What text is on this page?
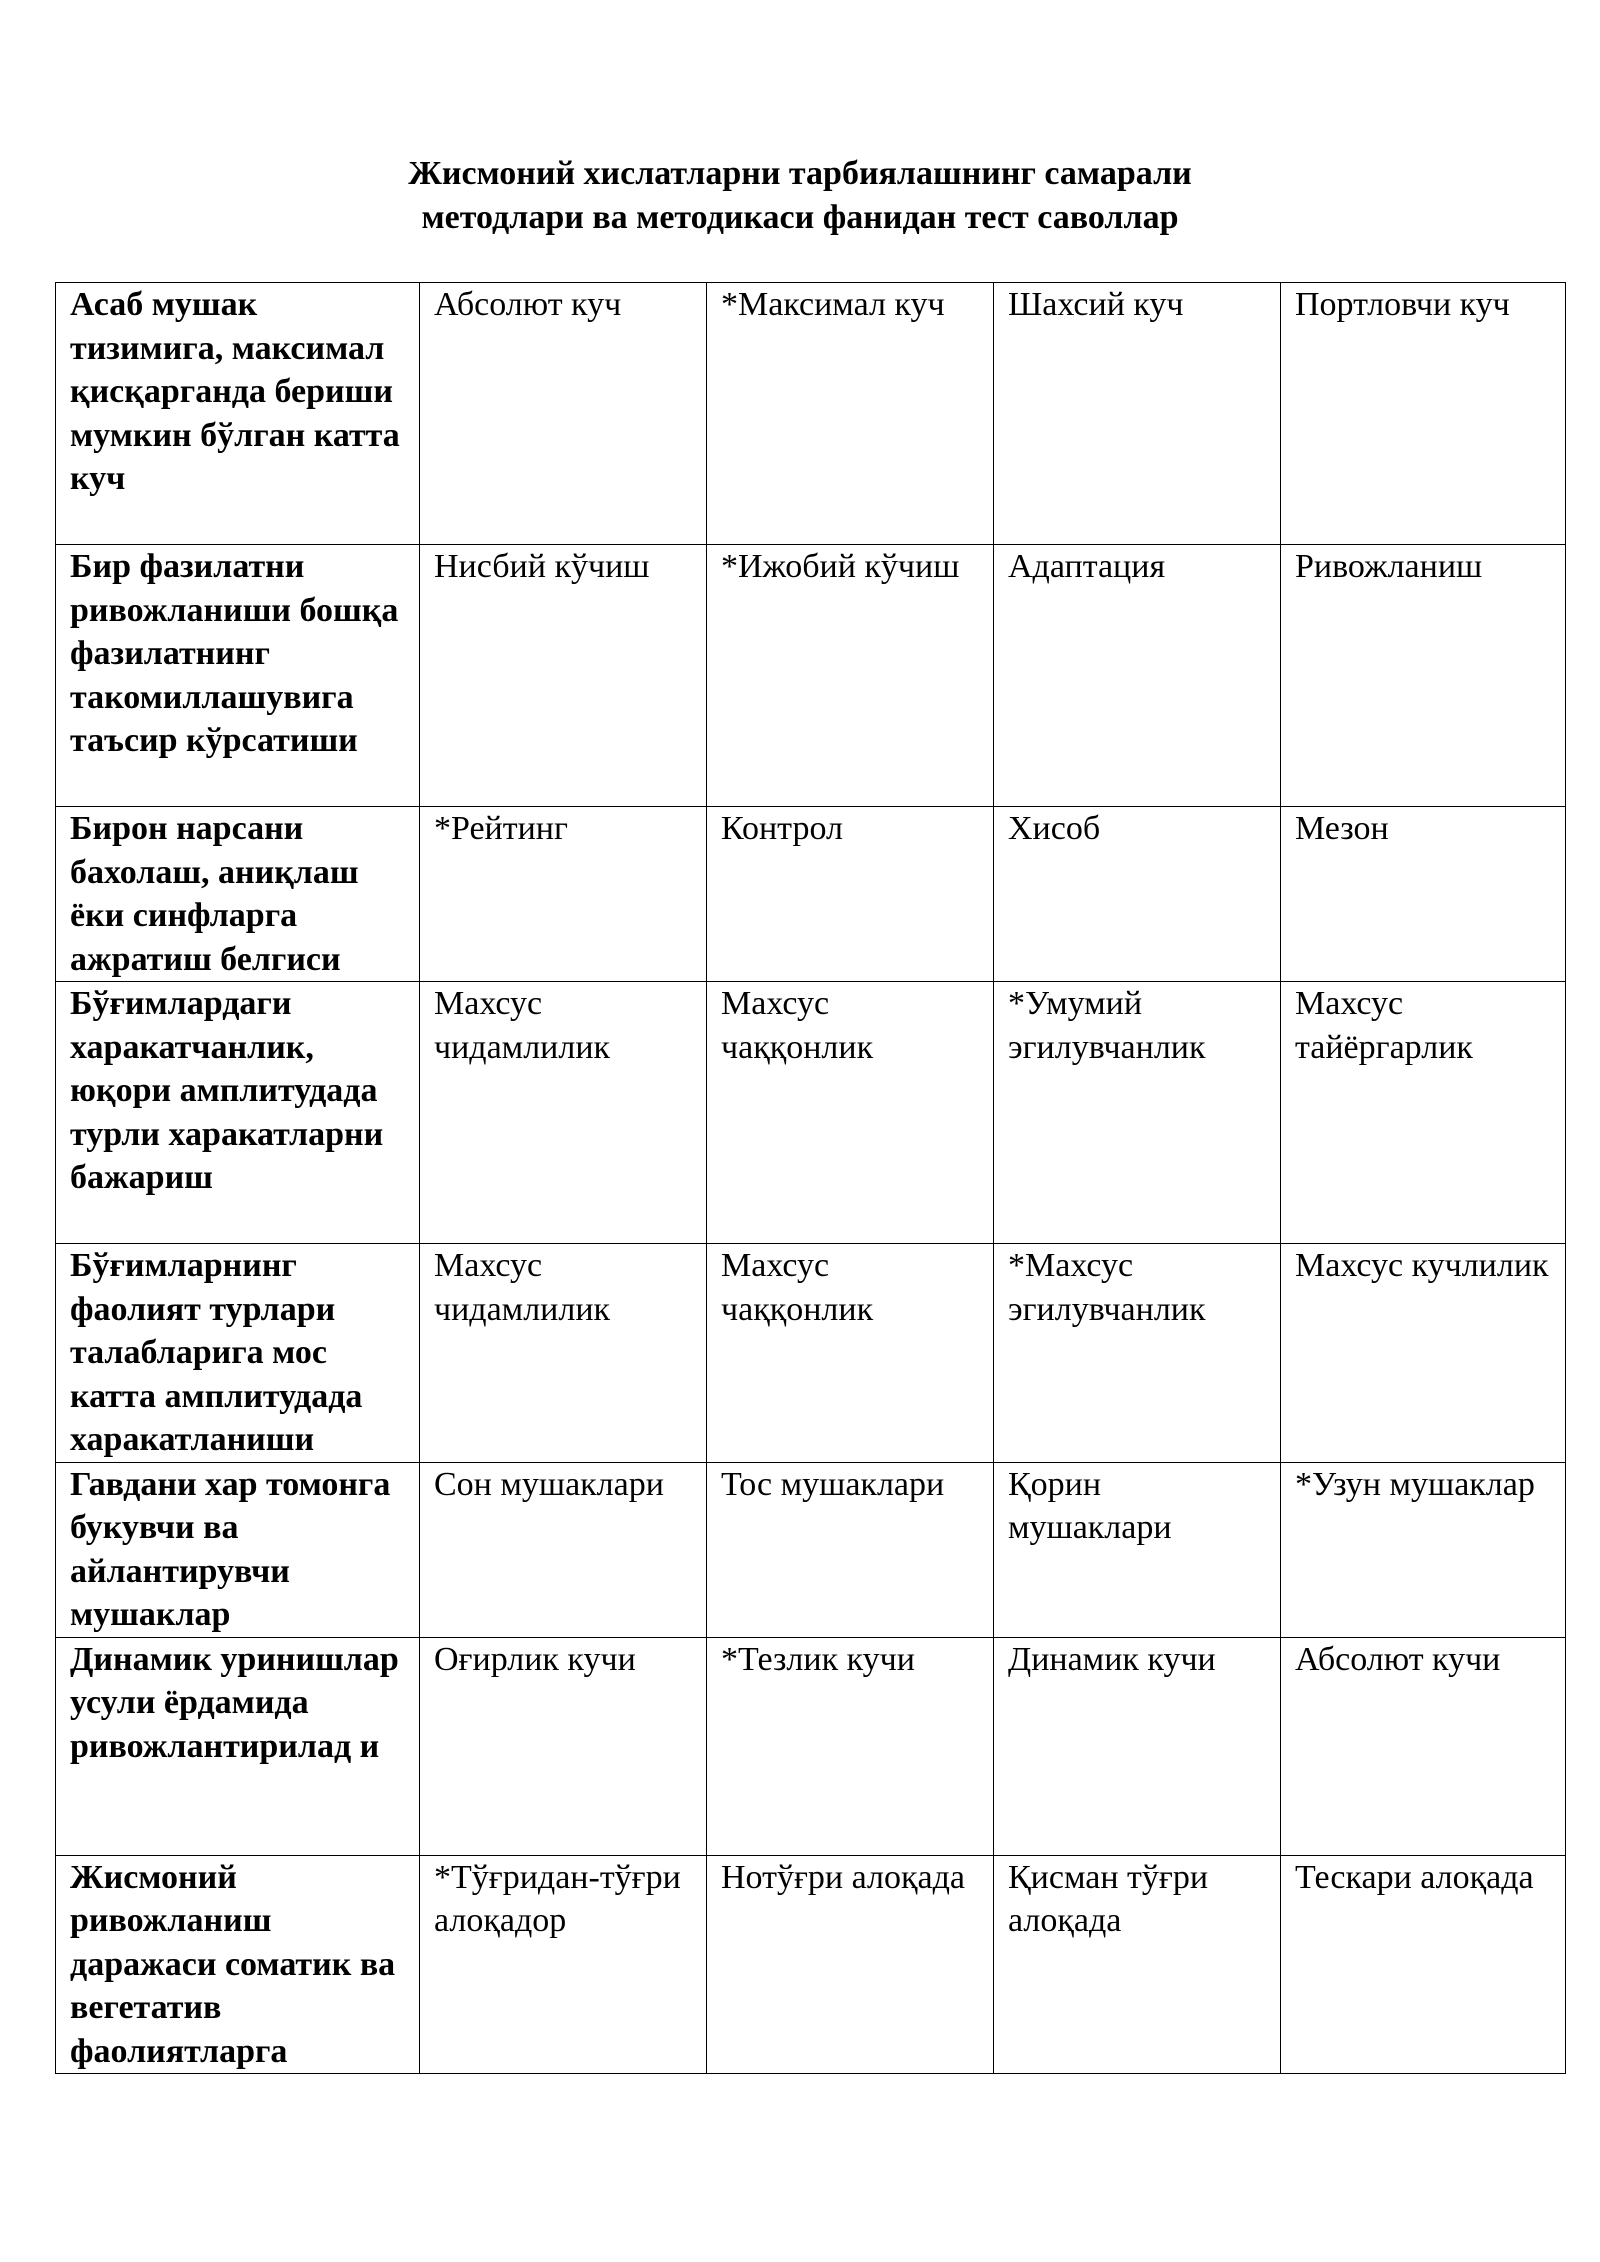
Жисмоний хислатларни тарбиялашнинг самарали
методлари ва методикаси фанидан тест саволлар
Асаб мушак тизимига, максимал қисқарганда бериши мумкин бўлган катта куч	Абсолют куч	*Максимал куч	Шахсий куч	Портловчи куч
Бир фазилатни ривожланиши бошқа фазилатнинг такомиллашувига таъсир кўрсатиши	Нисбий кўчиш	*Ижобий кўчиш	Адаптация	Ривожланиш
Бирон нарсани бахолаш, аниқлаш ёки синфларга ажратиш белгиси	*Рейтинг	Контрол	Хисоб	Мезон
Бўғимлардаги харакатчанлик, юқори амплитудада турли харакатларни бажариш	Махсус чидамлилик	Махсус чаққонлик	*Умумий эгилувчанлик	Махсус тайёргарлик
Бўғимларнинг фаолият турлари талабларига мос катта амплитудада харакатланиши	Махсус чидамлилик	Махсус чаққонлик	*Махсус эгилувчанлик	Махсус кучлилик
Гавдани хар томонга букувчи ва айлантирувчи мушаклар	Сон мушаклари	Тос мушаклари	Қорин мушаклари	*Узун мушаклар
Динамик уринишлар усули ёрдамида ривожлантирилад и	Оғирлик кучи	*Тезлик кучи	Динамик кучи	Абсолют кучи
Жисмоний ривожланиш даражаси соматик ва вегетатив фаолиятларга	*Тўғридан-тўғри алоқадор	Нотўғри алоқада	Қисман тўғри алоқада	Тескари алоқада
